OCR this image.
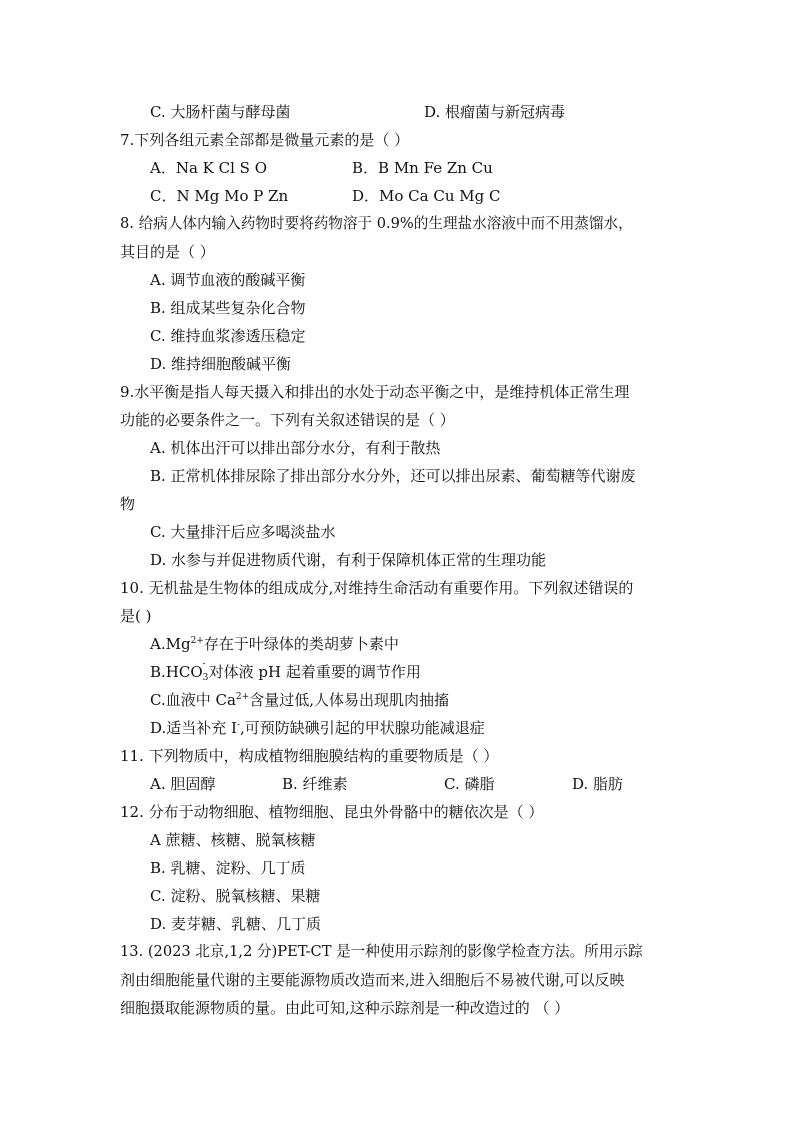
C. 大肠杆菌与酵母菌	D. 根瘤菌与新冠病毒
7.下列各组元素全部都是微量元素的是（ ）
A．Na K Cl S O	B．B Mn Fe Zn Cu
C．N Mg Mo P Zn	D．Mo Ca Cu Mg C
8. 给病人体内输入药物时要将药物溶于 0.9%的生理盐水溶液中而不用蒸馏水，
其目的是（ ）
A. 调节血液的酸碱平衡
B. 组成某些复杂化合物
C. 维持血浆渗透压稳定
D. 维持细胞酸碱平衡
9.水平衡是指人每天摄入和排出的水处于动态平衡之中，是维持机体正常生理
功能的必要条件之一。下列有关叙述错误的是（ ）
A. 机体出汗可以排出部分水分，有利于散热
B. 正常机体排尿除了排出部分水分外，还可以排出尿素、葡萄糖等代谢废
物
C. 大量排汗后应多喝淡盐水
D. 水参与并促进物质代谢，有利于保障机体正常的生理功能
10. 无机盐是生物体的组成成分,对维持生命活动有重要作用。下列叙述错误的
是( )
$A.Mg^{2+}$存在于叶绿体的类胡萝卜素中
B.HCO -
3 对体液 pH 起着重要的调节作用
C.血液中 $Ca^{2+}$含量过低,人体易出现肌肉抽搐
D.适当补充 I-,可预防缺碘引起的甲状腺功能减退症
11. 下列物质中，构成植物细胞膜结构的重要物质是（ ）
A. 胆固醇	B. 纤维素	C. 磷脂	D. 脂肪
12. 分布于动物细胞、植物细胞、昆虫外骨骼中的糖依次是（ ）
A 蔗糖、核糖、脱氧核糖
B. 乳糖、淀粉、几丁质
C. 淀粉、脱氧核糖、果糖
D. 麦芽糖、乳糖、几丁质
13. (2023 北京,1,2 分)PET-CT 是一种使用示踪剂的影像学检查方法。所用示踪
剂由细胞能量代谢的主要能源物质改造而来,进入细胞后不易被代谢,可以反映
细胞摄取能源物质的量。由此可知,这种示踪剂是一种改造过的 （ ）
